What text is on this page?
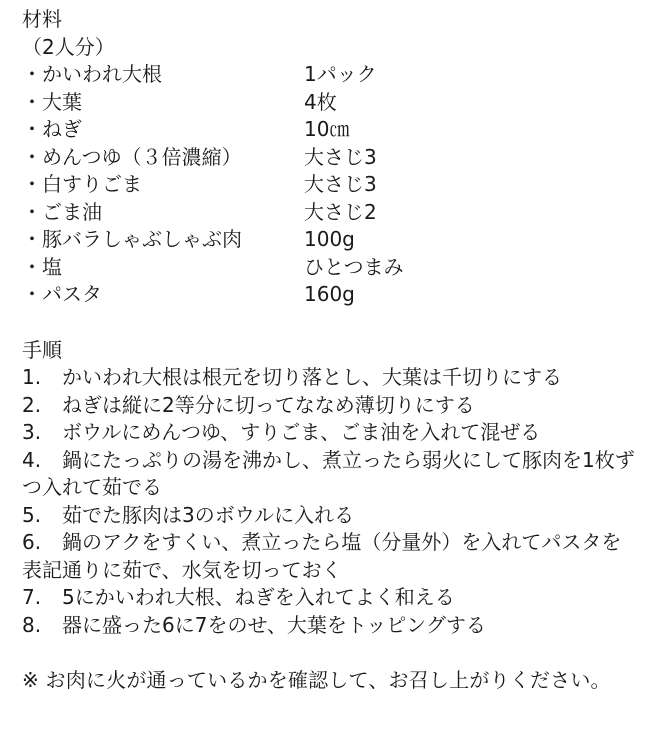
材料
（2人分）
・かいわれ大根	1パック
・大葉	4枚
・ねぎ	10㎝
・めんつゆ（３倍濃縮）	大さじ3
・白すりごま	大さじ3
・ごま油	大さじ2
・豚バラしゃぶしゃぶ肉	100g
・塩	ひとつまみ
・パスタ	160g
手順
1. かいわれ大根は根元を切り落とし、大葉は千切りにする
2. ねぎは縦に2等分に切ってななめ薄切りにする
3. ボウルにめんつゆ、すりごま、ごま油を入れて混ぜる
4. 鍋にたっぷりの湯を沸かし、煮立ったら弱火にして豚肉を1枚ずつ入れて茹でる
5. 茹でた豚肉は3のボウルに入れる
6. 鍋のアクをすくい、煮立ったら塩（分量外）を入れてパスタを表記通りに茹で、水気を切っておく
7. 5にかいわれ大根、ねぎを入れてよく和える
8. 器に盛った6に7をのせ、大葉をトッピングする
※ お肉に火が通っているかを確認して、お召し上がりください。
